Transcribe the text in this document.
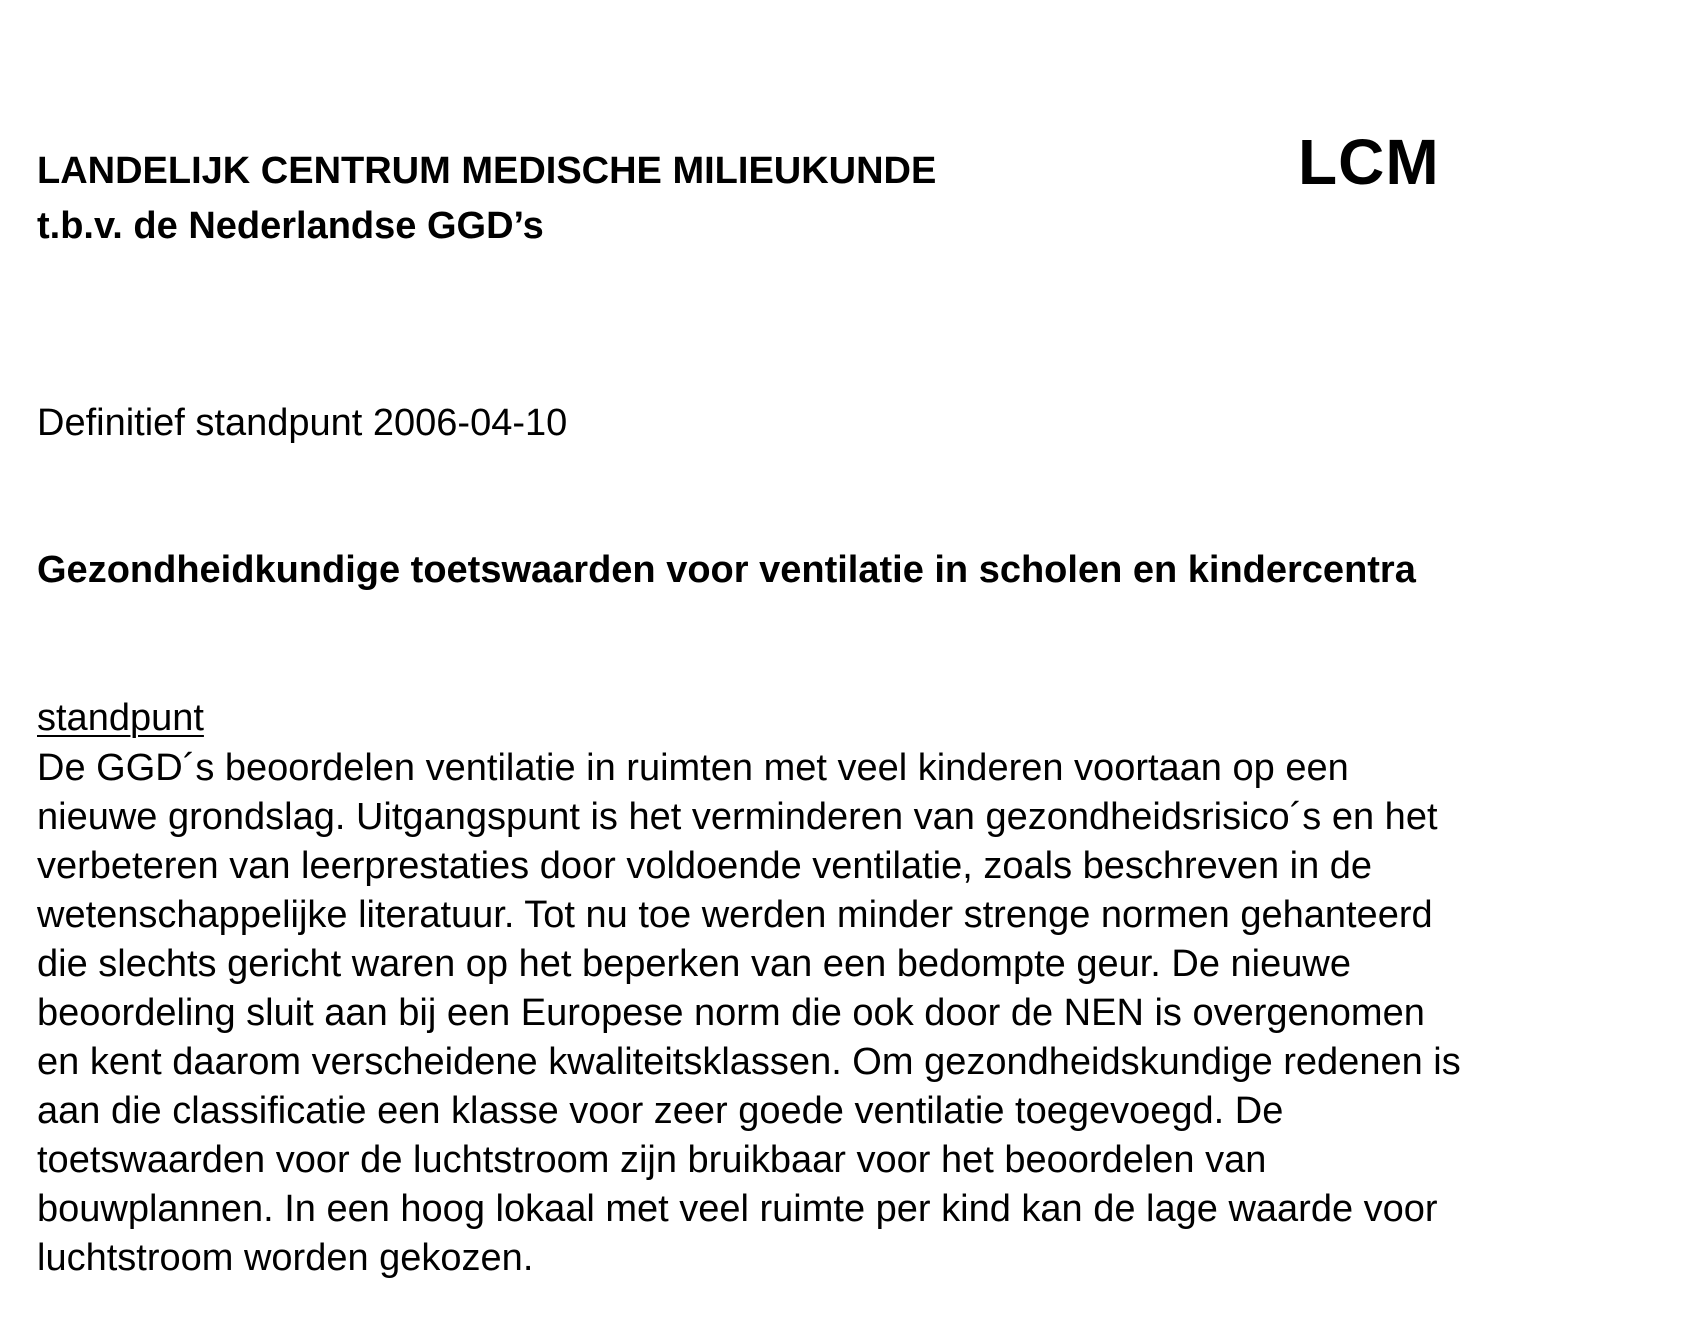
LANDELIJK CENTRUM MEDISCHE MILIEUKUNDE
t.b.v. de Nederlandse GGD’s
LCM
Definitief standpunt 2006-04-10
Gezondheidkundige toetswaarden voor ventilatie in scholen en kindercentra
standpunt
De GGD´s beoordelen ventilatie in ruimten met veel kinderen voortaan op een
nieuwe grondslag. Uitgangspunt is het verminderen van gezondheidsrisico´s en het
verbeteren van leerprestaties door voldoende ventilatie, zoals beschreven in de
wetenschappelijke literatuur. Tot nu toe werden minder strenge normen gehanteerd
die slechts gericht waren op het beperken van een bedompte geur. De nieuwe
beoordeling sluit aan bij een Europese norm die ook door de NEN is overgenomen
en kent daarom verscheidene kwaliteitsklassen. Om gezondheidskundige redenen is
aan die classificatie een klasse voor zeer goede ventilatie toegevoegd. De
toetswaarden voor de luchtstroom zijn bruikbaar voor het beoordelen van
bouwplannen. In een hoog lokaal met veel ruimte per kind kan de lage waarde voor
luchtstroom worden gekozen.
